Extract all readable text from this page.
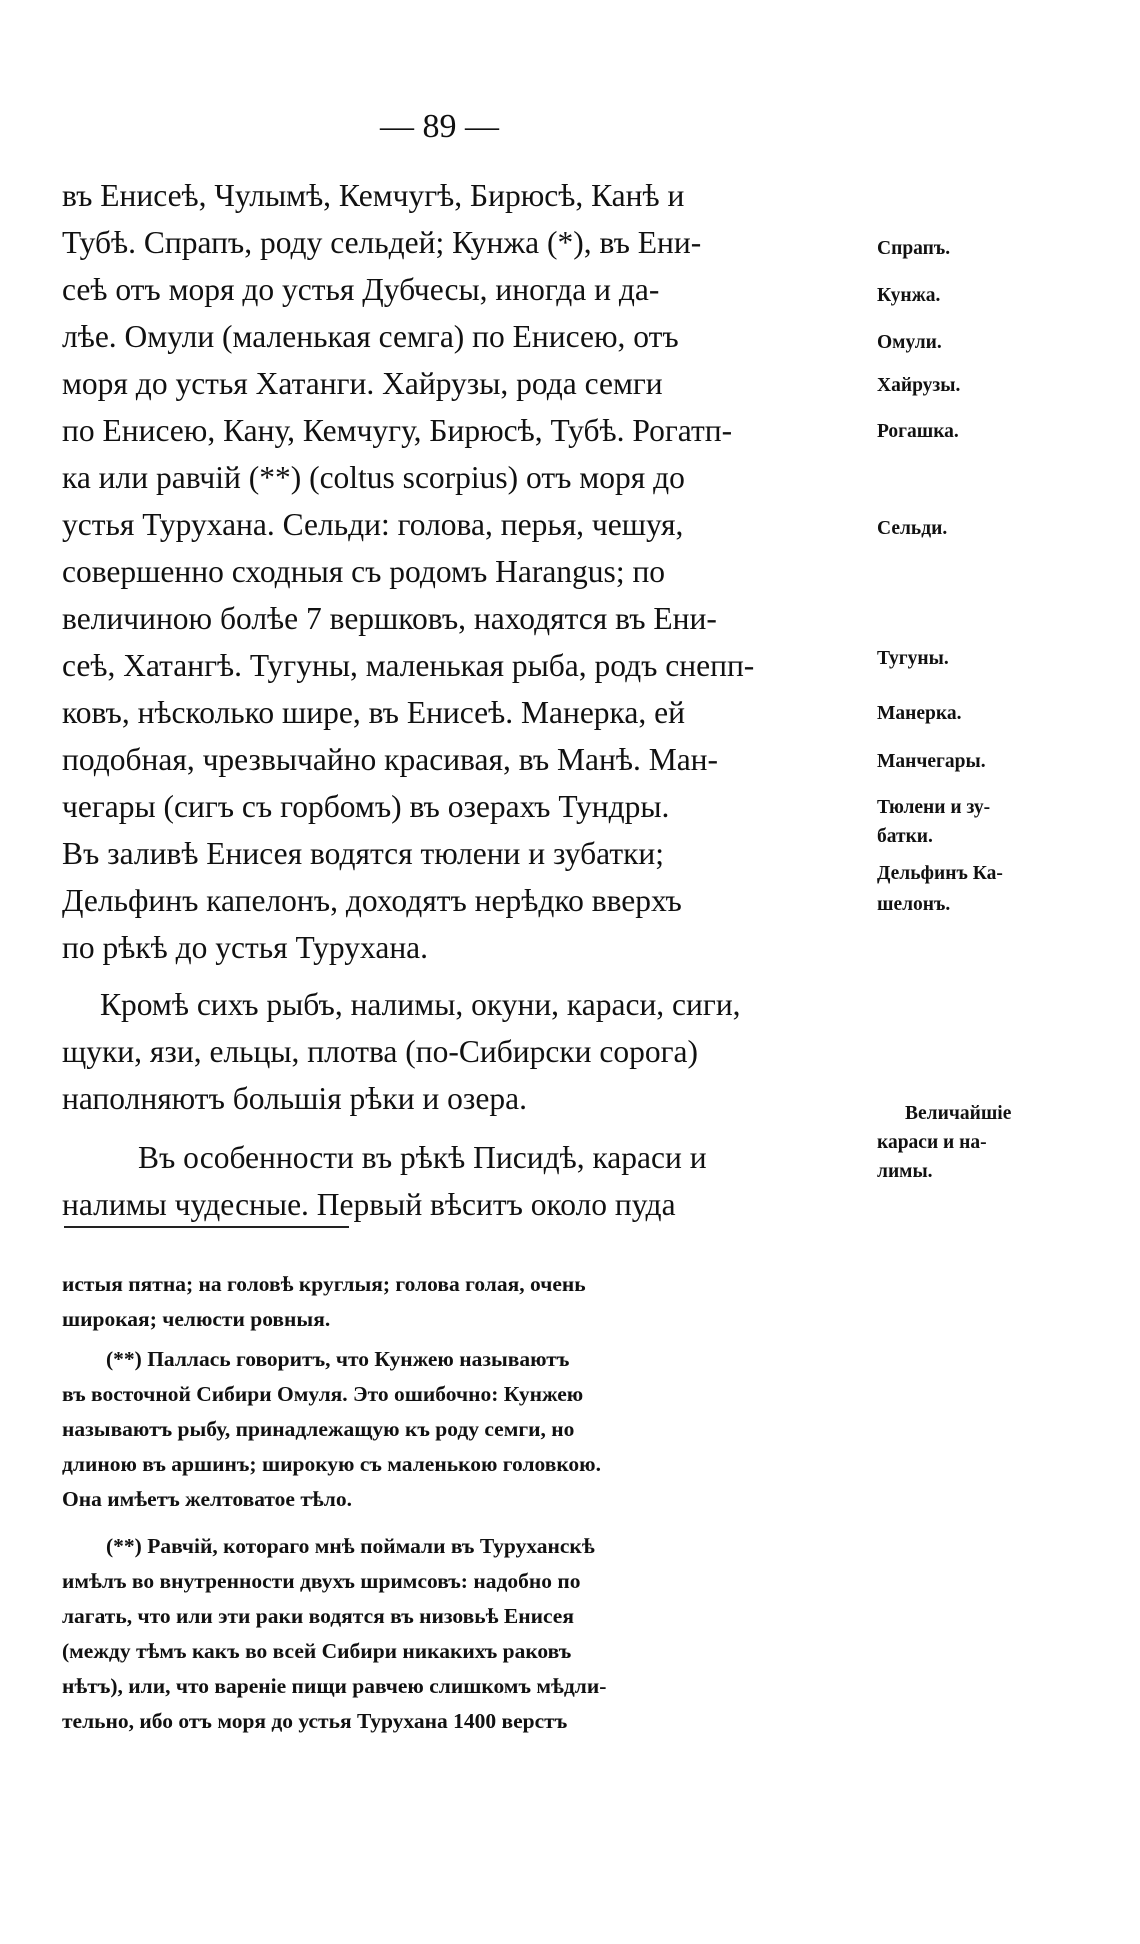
— 89 —
въ Енисеѣ, Чулымѣ, Кемчугѣ, Бирюсѣ, Канѣ и
Тубѣ. Спрапъ, роду сельдей; Кунжа (*), въ Ени-
сеѣ отъ моря до устья Дубчесы, иногда и да-
лѣе. Омули (маленькая семга) по Енисею, отъ
моря до устья Хатанги. Хайрузы, рода семги
по Енисею, Кану, Кемчугу, Бирюсѣ, Тубѣ. Рогатп-
ка или равчій (**) (coltus scorpius) отъ моря до
устья Туруханa. Сельди: голова, перья, чешуя,
совершенно сходныя съ родомъ Harangus; по
величиною болѣе 7 вершковъ, находятся въ Ени-
сеѣ, Хатангѣ. Тугуны, маленькая рыба, родъ снепп-
ковъ, нѣсколько шире, въ Енисеѣ. Манерка, ей
подобная, чрезвычайно красивая, въ Манѣ. Ман-
чегары (сигъ съ горбомъ) въ озерахъ Тундры.
Въ заливѣ Енисея водятся тюлени и зубатки;
Дельфинъ капелонъ, доходятъ нерѣдко вверхъ
по рѣкѣ до устья Туруханa.
Кромѣ сихъ рыбъ, налимы, окуни, караси, сиги,
щуки, язи, ельцы, плотва (по-Сибирски сорога)
наполняютъ большія рѣки и озера.
Въ особенности въ рѣкѣ Писидѣ, караси и
налимы чудесные. Первый вѣситъ около пуда
Спрапъ.
Кунжа.
Омули.
Хайрузы.
Рогашка.
Сельди.
Тугуны.
Манерка.
Манчегары.
Тюлени и зу-
батки.
Дельфинъ Ка-
шелонъ.
Величайшіе
караси и на-
лимы.
истыя пятна; на головѣ круглыя; голова голая, очень
широкая; челюсти ровныя.
(**) Паллась говоритъ, что Кунжею называютъ
въ восточной Сибири Омуля. Это ошибочно: Кунжею
называютъ рыбу, принадлежащую къ роду семги, но
длиною въ аршинъ; широкую съ маленькою головкою.
Она имѣетъ желтоватое тѣло.
(**) Равчій, котораго мнѣ поймали въ Туруханскѣ
имѣлъ во внутренности двухъ шримсовъ: надобно по
лагать, что или эти раки водятся въ низовьѣ Енисея
(между тѣмъ какъ во всей Сибири никакихъ раковъ
нѣтъ), или, что вареніе пищи равчею слишкомъ мѣдли-
тельно, ибо отъ моря до устья Туруханa 1400 верстъ
